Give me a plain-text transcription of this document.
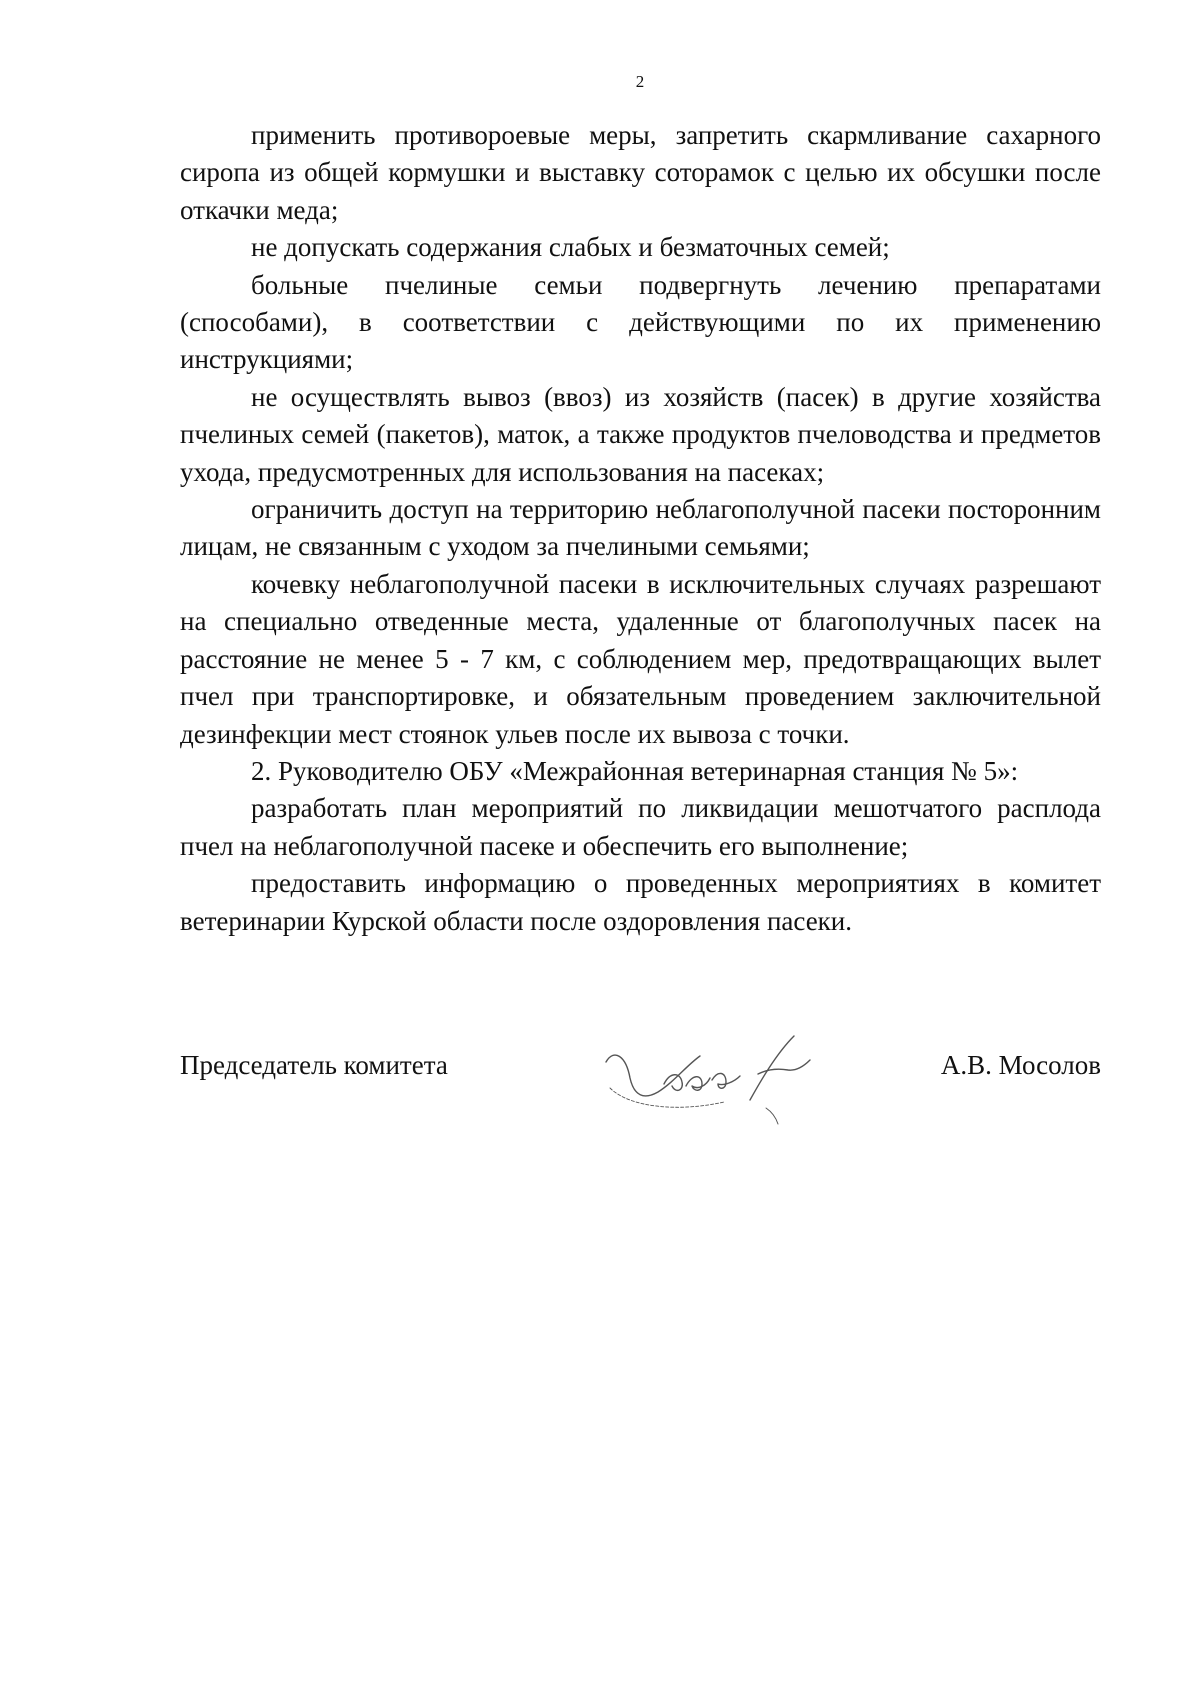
2

применить противороевые меры, запретить скармливание сахарного сиропа из общей кормушки и выставку соторамок с целью их обсушки после откачки меда;

не допускать содержания слабых и безматочных семей;

больные пчелиные семьи подвергнуть лечению препаратами (способами), в соответствии с действующими по их применению инструкциями;

не осуществлять вывоз (ввоз) из хозяйств (пасек) в другие хозяйства пчелиных семей (пакетов), маток, а также продуктов пчеловодства и предметов ухода, предусмотренных для использования на пасеках;

ограничить доступ на территорию неблагополучной пасеки посторонним лицам, не связанным с уходом за пчелиными семьями;

кочевку неблагополучной пасеки в исключительных случаях разрешают на специально отведенные места, удаленные от благополучных пасек на расстояние не менее 5 - 7 км, с соблюдением мер, предотвращающих вылет пчел при транспортировке, и обязательным проведением заключительной дезинфекции мест стоянок ульев после их вывоза с точки.

2. Руководителю ОБУ «Межрайонная ветеринарная станция № 5»:

разработать план мероприятий по ликвидации мешотчатого расплода пчел на неблагополучной пасеке и обеспечить его выполнение;

предоставить информацию о проведенных мероприятиях в комитет ветеринарии Курской области после оздоровления пасеки.

Председатель комитета	А.В. Мосолов
